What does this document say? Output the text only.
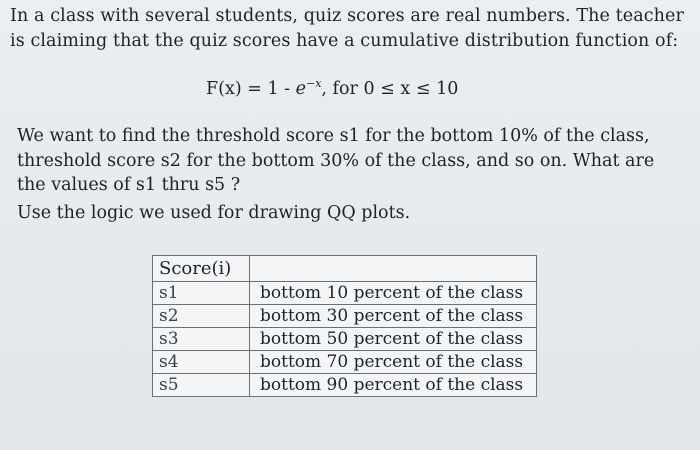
In a class with several students, quiz scores are real numbers. The teacher is claiming that the quiz scores have a cumulative distribution function of:
$F(x) = 1 - e^{-x}$, for 0 ≤ x ≤ 10
We want to find the threshold score s1 for the bottom 10% of the class, threshold score s2 for the bottom 30% of the class, and so on. What are the values of s1 thru s5 ?
Use the logic we used for drawing QQ plots.
Score(i)	
s1	bottom 10 percent of the class
s2	bottom 30 percent of the class
s3	bottom 50 percent of the class
s4	bottom 70 percent of the class
s5	bottom 90 percent of the class
